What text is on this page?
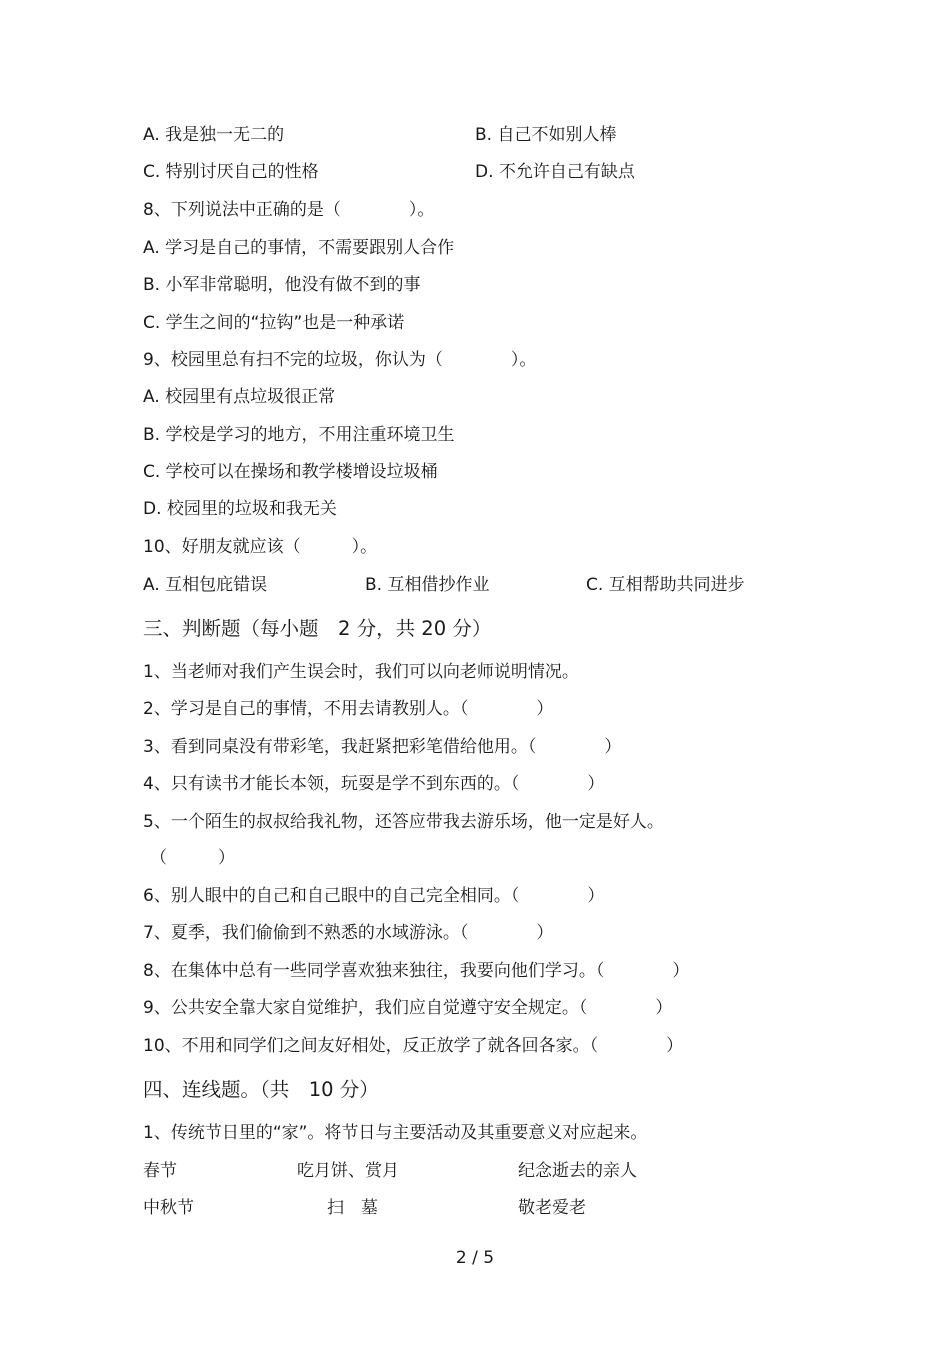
A. 我是独一无二的	B. 自己不如别人棒
C. 特别讨厌自己的性格	D. 不允许自己有缺点
8、下列说法中正确的是（　　　　）。
A. 学习是自己的事情，不需要跟别人合作
B. 小军非常聪明，他没有做不到的事
C. 学生之间的“拉钩”也是一种承诺
9、校园里总有扫不完的垃圾，你认为（　　　　）。
A. 校园里有点垃圾很正常
B. 学校是学习的地方，不用注重环境卫生
C. 学校可以在操场和教学楼增设垃圾桶
D. 校园里的垃圾和我无关
10、好朋友就应该（　　　）。
A. 互相包庇错误	B. 互相借抄作业	C. 互相帮助共同进步
三、判断题（每小题　2 分，共 20 分）
1、当老师对我们产生误会时，我们可以向老师说明情况。
2、学习是自己的事情，不用去请教别人。（　　　　）
3、看到同桌没有带彩笔，我赶紧把彩笔借给他用。（　　　　）
4、只有读书才能长本领，玩耍是学不到东西的。（　　　　）
5、一个陌生的叔叔给我礼物，还答应带我去游乐场，他一定是好人。
（　　　）
6、别人眼中的自己和自己眼中的自己完全相同。（　　　　）
7、夏季，我们偷偷到不熟悉的水域游泳。（　　　　）
8、在集体中总有一些同学喜欢独来独往，我要向他们学习。（　　　　）
9、公共安全靠大家自觉维护，我们应自觉遵守安全规定。（　　　　）
10、不用和同学们之间友好相处，反正放学了就各回各家。（　　　　）
四、连线题。（共　10 分）
1、传统节日里的“家”。将节日与主要活动及其重要意义对应起来。
春节	吃月饼、赏月	纪念逝去的亲人
中秋节	扫　墓	敬老爱老
2 / 5
